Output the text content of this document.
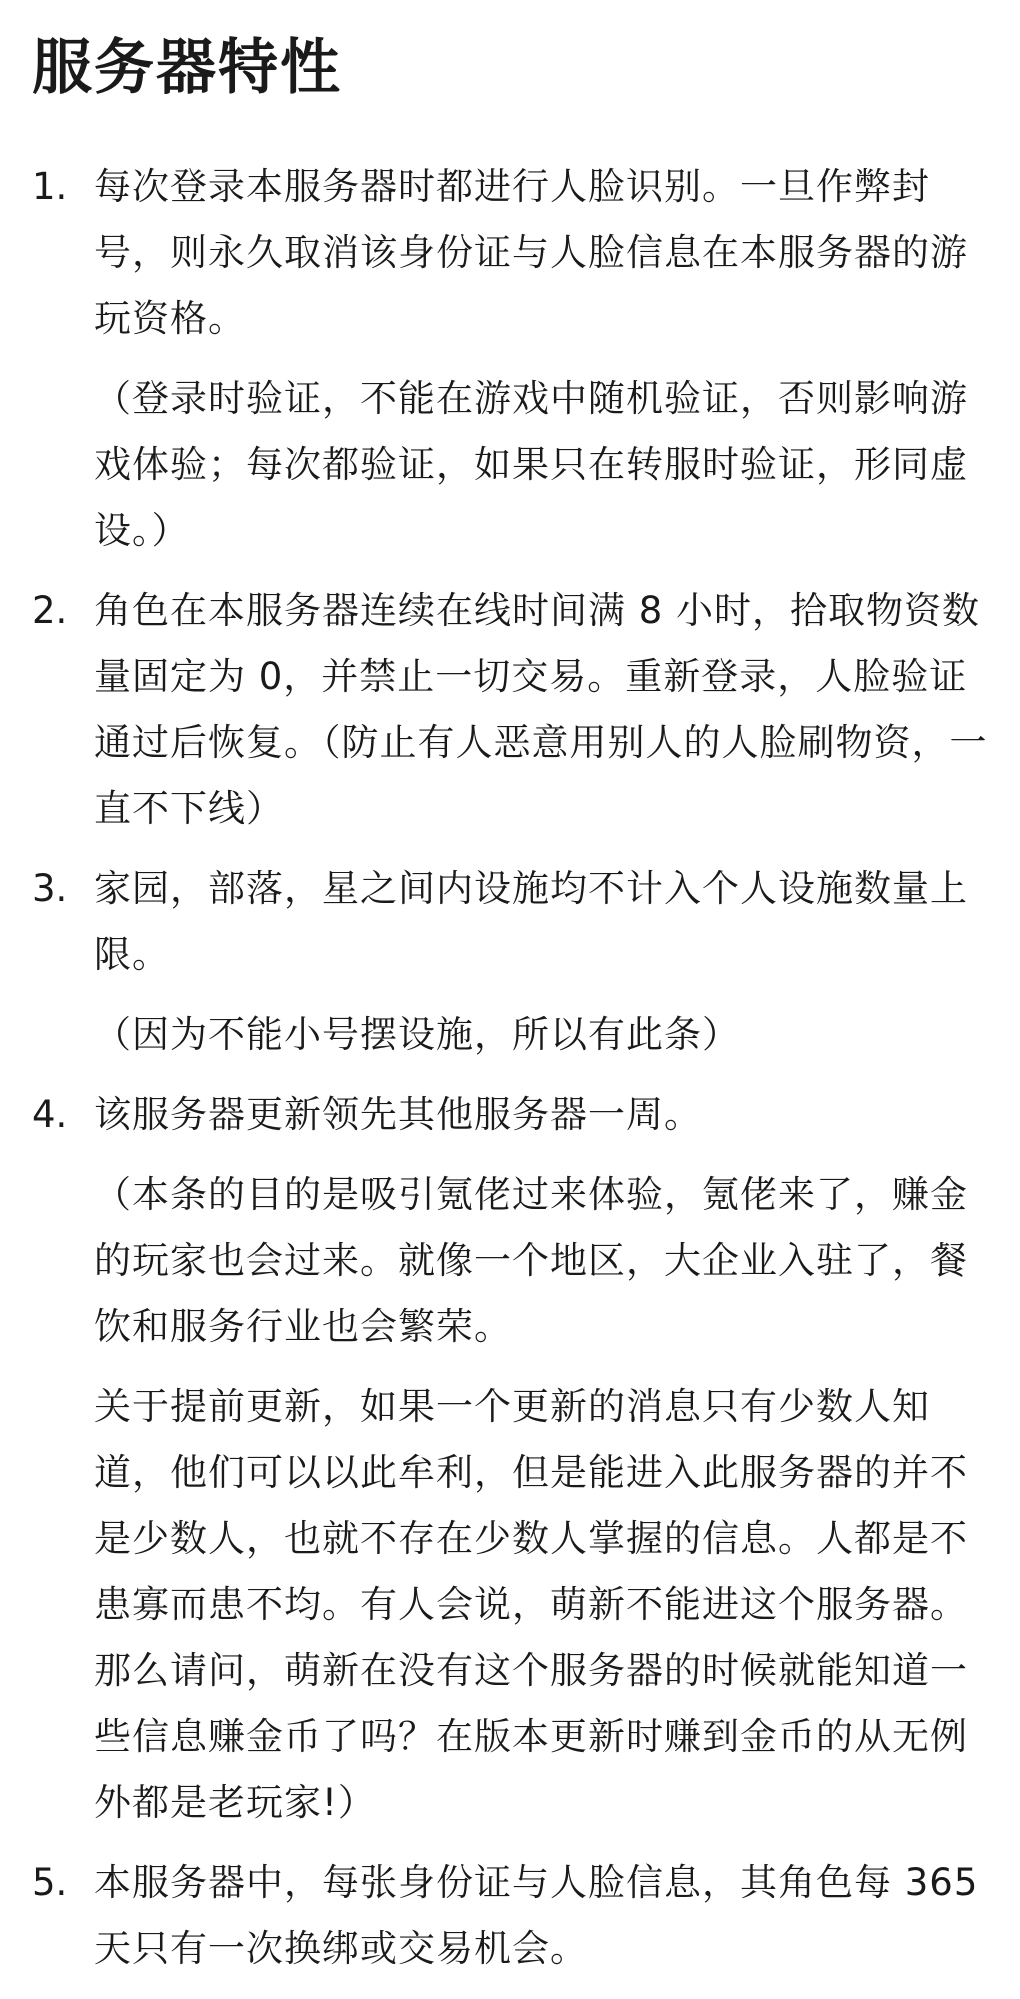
服务器特性
1. 每次登录本服务器时都进行人脸识别。一旦作弊封号，则永久取消该身份证与人脸信息在本服务器的游玩资格。

（登录时验证，不能在游戏中随机验证，否则影响游戏体验；每次都验证，如果只在转服时验证，形同虚设。）

2. 角色在本服务器连续在线时间满 8 小时，拾取物资数量固定为 0，并禁止一切交易。重新登录，人脸验证通过后恢复。（防止有人恶意用别人的人脸刷物资，一直不下线）

3. 家园，部落，星之间内设施均不计入个人设施数量上限。

（因为不能小号摆设施，所以有此条）

4. 该服务器更新领先其他服务器一周。

（本条的目的是吸引氪佬过来体验，氪佬来了，赚金的玩家也会过来。就像一个地区，大企业入驻了，餐饮和服务行业也会繁荣。

关于提前更新，如果一个更新的消息只有少数人知道，他们可以以此牟利，但是能进入此服务器的并不是少数人，也就不存在少数人掌握的信息。人都是不患寡而患不均。有人会说，萌新不能进这个服务器。那么请问，萌新在没有这个服务器的时候就能知道一些信息赚金币了吗？在版本更新时赚到金币的从无例外都是老玩家!）

5. 本服务器中，每张身份证与人脸信息，其角色每 365 天只有一次换绑或交易机会。
